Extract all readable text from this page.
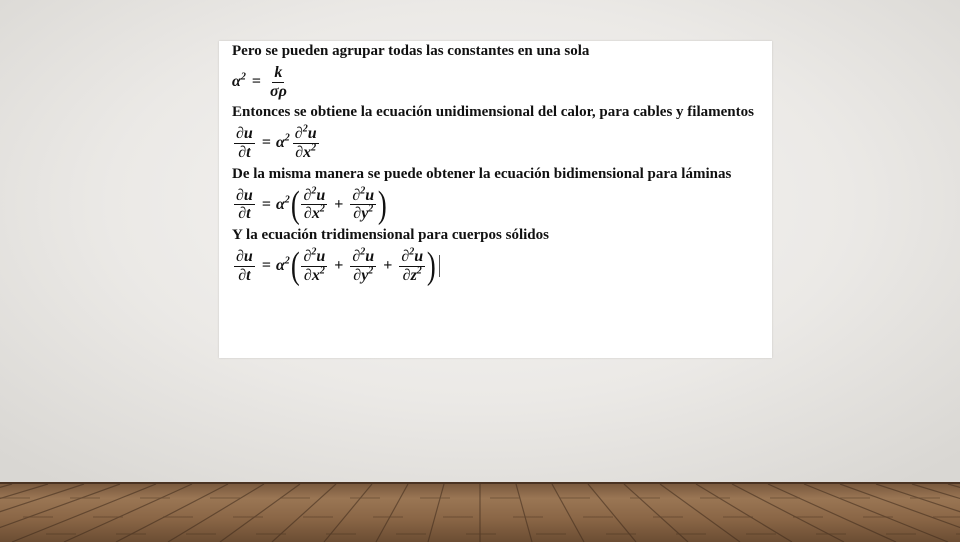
Pero se pueden agrupar todas las constantes en una sola

$\alpha^2 = \frac{k}{\sigma\rho}$

Entonces se obtiene la ecuación unidimensional del calor, para cables y filamentos

$\frac{\partial u}{\partial t} = \alpha^2 \frac{\partial^2u}{\partial x^2}$

De la misma manera se puede obtener la ecuación bidimensional para láminas

$\frac{\partial u}{\partial t} = \alpha^2$ ( $\frac{\partial^2u}{\partial x^2} + \frac{\partial^2u}{\partial y^2}$ )

Y la ecuación tridimensional para cuerpos sólidos

$\frac{\partial u}{\partial t} = \alpha^2$ ( $\frac{\partial^2u}{\partial x^2} + \frac{\partial^2u}{\partial y^2} + \frac{\partial^2u}{\partial z^2}$ )
